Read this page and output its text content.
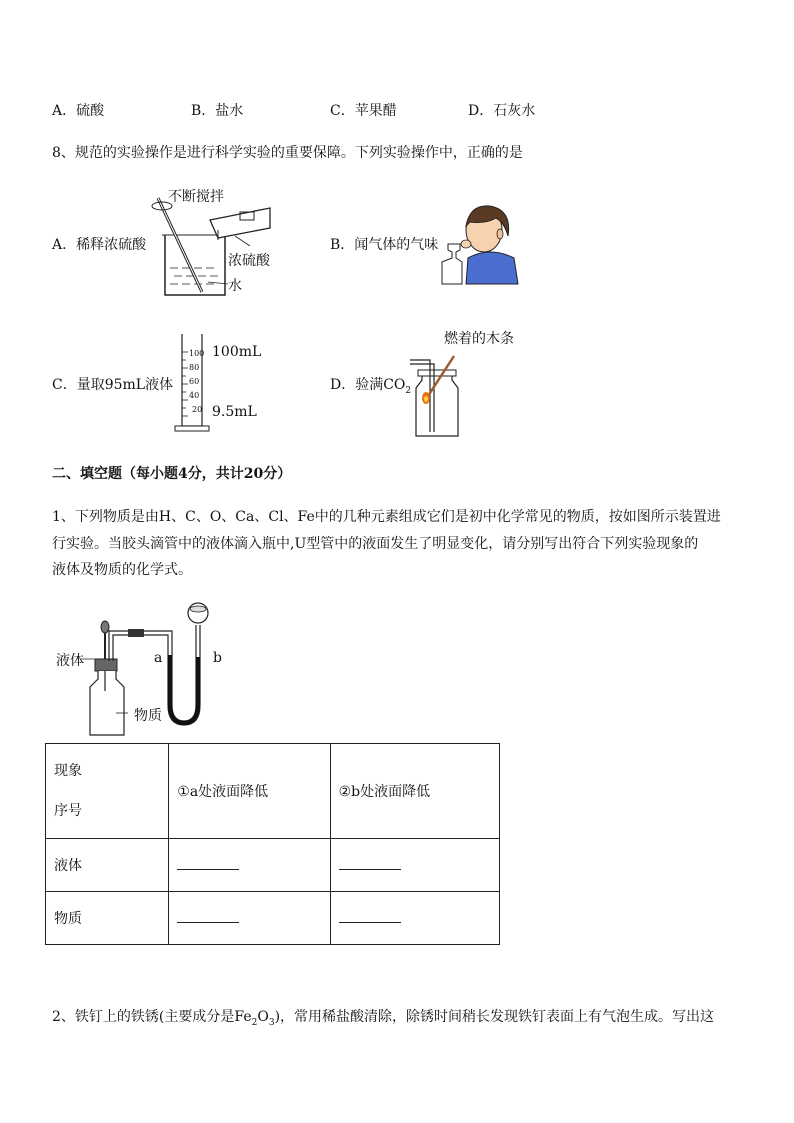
A．硫酸	B．盐水	C．苹果醋	D．石灰水
8、规范的实验操作是进行科学实验的重要保障。下列实验操作中，正确的是
A．稀释浓硫酸	B．闻气体的气味
C．量取95mL液体	D．验满$CO_2$
不断搅拌
浓硫酸
水
100
80
60
40
20
100mL
9.5mL
燃着的木条
二、填空题（每小题4分，共计20分）
1、下列物质是由H、C、O、Ca、Cl、Fe中的几种元素组成它们是初中化学常见的物质，按如图所示装置进
行实验。当胶头滴管中的液体滴入瓶中,U型管中的液面发生了明显变化，请分别写出符合下列实验现象的
液体及物质的化学式。
液体
物质
a	b
现象
序号	①a处液面降低	②b处液面降低
液体		
物质		
2、铁钉上的铁锈(主要成分是$Fe_2O_3$)，常用稀盐酸清除，除锈时间稍长发现铁钉表面上有气泡生成。写出这
